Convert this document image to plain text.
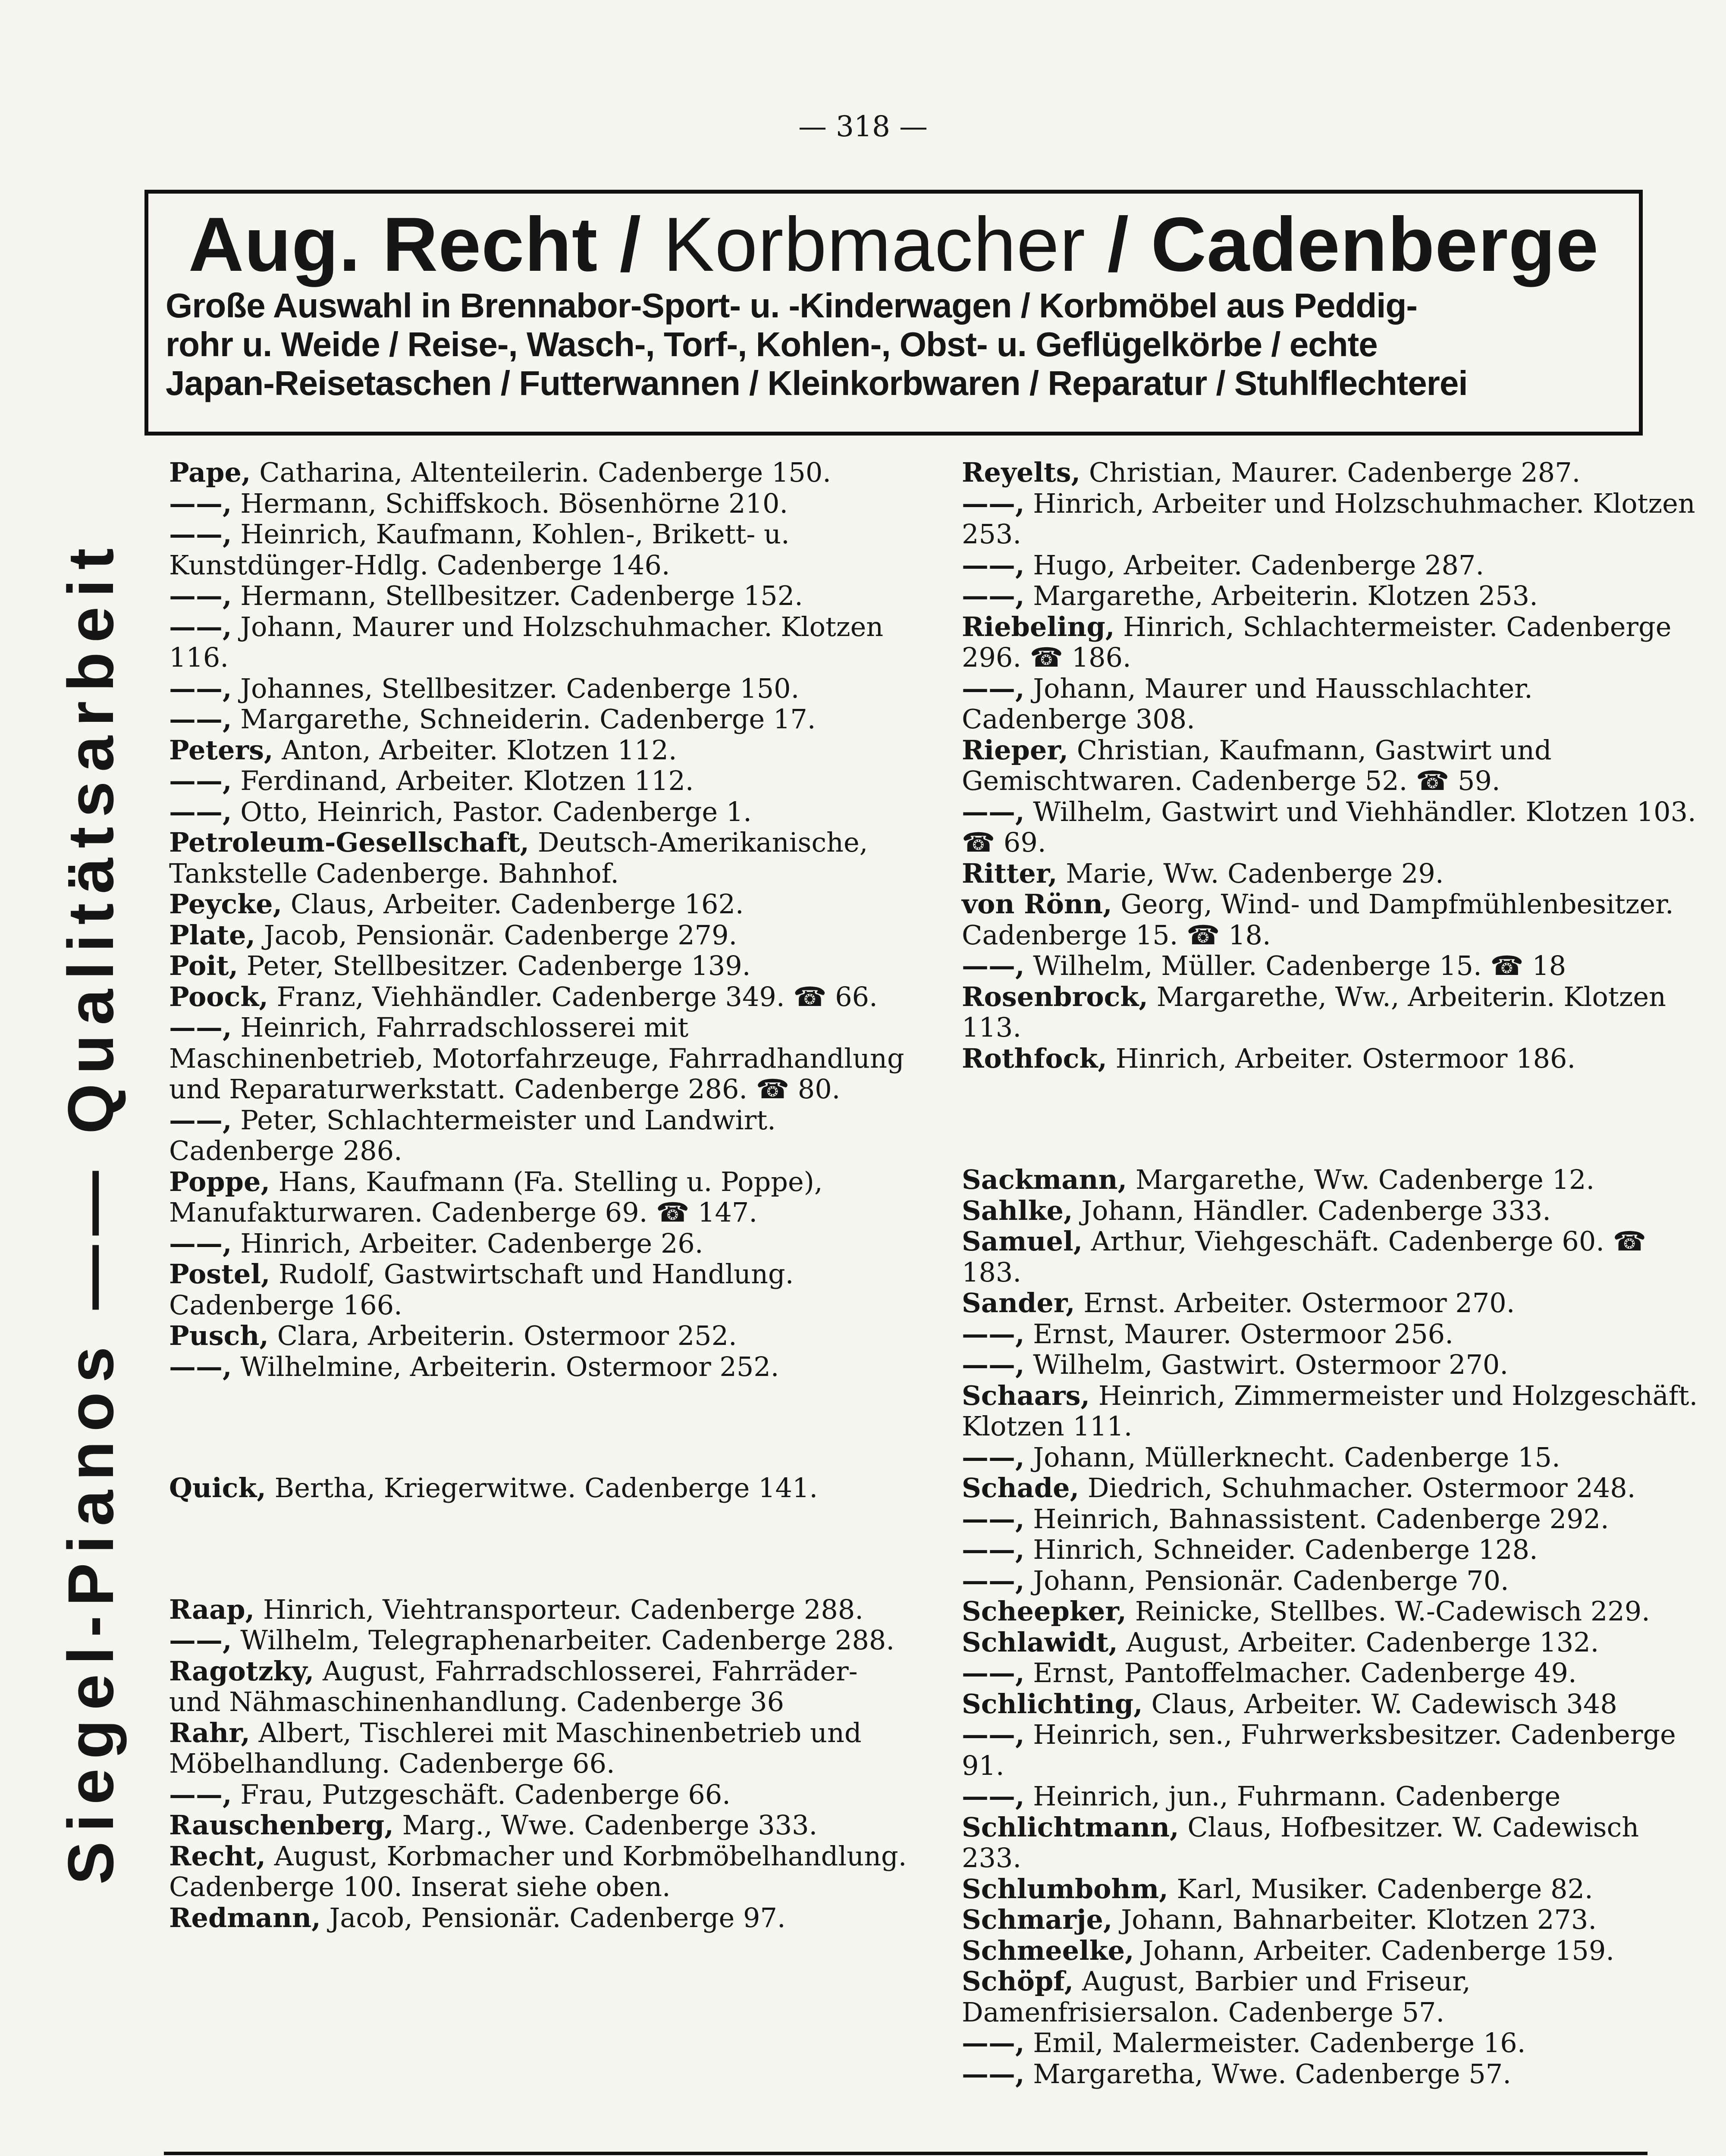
— 318 —
Aug. Recht / Korbmacher / Cadenberge
Große Auswahl in Brennabor-Sport- u. -Kinderwagen / Korbmöbel aus Peddig-
rohr u. Weide / Reise-, Wasch-, Torf-, Kohlen-, Obst- u. Geflügelkörbe / echte
Japan-Reisetaschen / Futterwannen / Kleinkorbwaren / Reparatur / Stuhlflechterei
Siegel-Pianos —— Qualitätsarbeit
Pape, Catharina, Altenteilerin. Cadenberge 150.
——, Hermann, Schiffskoch. Bösenhörne 210.
——, Heinrich, Kaufmann, Kohlen-, Brikett- u. Kunstdünger-Hdlg. Cadenberge 146.
——, Hermann, Stellbesitzer. Cadenberge 152.
——, Johann, Maurer und Holzschuhmacher. Klotzen 116.
——, Johannes, Stellbesitzer. Cadenberge 150.
——, Margarethe, Schneiderin. Cadenberge 17.
Peters, Anton, Arbeiter. Klotzen 112.
——, Ferdinand, Arbeiter. Klotzen 112.
——, Otto, Heinrich, Pastor. Cadenberge 1.
Petroleum-Gesellschaft, Deutsch-Amerikanische, Tankstelle Cadenberge. Bahnhof.
Peycke, Claus, Arbeiter. Cadenberge 162.
Plate, Jacob, Pensionär. Cadenberge 279.
Poit, Peter, Stellbesitzer. Cadenberge 139.
Poock, Franz, Viehhändler. Cadenberge 349. ☎ 66.
——, Heinrich, Fahrradschlosserei mit Maschinenbetrieb, Motorfahrzeuge, Fahrradhandlung und Reparaturwerkstatt. Cadenberge 286. ☎ 80.
——, Peter, Schlachtermeister und Landwirt. Cadenberge 286.
Poppe, Hans, Kaufmann (Fa. Stelling u. Poppe), Manufakturwaren. Cadenberge 69. ☎ 147.
——, Hinrich, Arbeiter. Cadenberge 26.
Postel, Rudolf, Gastwirtschaft und Handlung. Cadenberge 166.
Pusch, Clara, Arbeiterin. Ostermoor 252.
——, Wilhelmine, Arbeiterin. Ostermoor 252.
Quick, Bertha, Kriegerwitwe. Cadenberge 141.
Raap, Hinrich, Viehtransporteur. Cadenberge 288.
——, Wilhelm, Telegraphenarbeiter. Cadenberge 288.
Ragotzky, August, Fahrradschlosserei, Fahrräder- und Nähmaschinenhandlung. Cadenberge 36
Rahr, Albert, Tischlerei mit Maschinenbetrieb und Möbelhandlung. Cadenberge 66.
——, Frau, Putzgeschäft. Cadenberge 66.
Rauschenberg, Marg., Wwe. Cadenberge 333.
Recht, August, Korbmacher und Korbmöbelhandlung. Cadenberge 100. Inserat siehe oben.
Redmann, Jacob, Pensionär. Cadenberge 97.
Reyelts, Christian, Maurer. Cadenberge 287.
——, Hinrich, Arbeiter und Holzschuhmacher. Klotzen 253.
——, Hugo, Arbeiter. Cadenberge 287.
——, Margarethe, Arbeiterin. Klotzen 253.
Riebeling, Hinrich, Schlachtermeister. Cadenberge 296. ☎ 186.
——, Johann, Maurer und Hausschlachter. Cadenberge 308.
Rieper, Christian, Kaufmann, Gastwirt und Gemischtwaren. Cadenberge 52. ☎ 59.
——, Wilhelm, Gastwirt und Viehhändler. Klotzen 103. ☎ 69.
Ritter, Marie, Ww. Cadenberge 29.
von Rönn, Georg, Wind- und Dampfmühlenbesitzer. Cadenberge 15. ☎ 18.
——, Wilhelm, Müller. Cadenberge 15. ☎ 18
Rosenbrock, Margarethe, Ww., Arbeiterin. Klotzen 113.
Rothfock, Hinrich, Arbeiter. Ostermoor 186.
Sackmann, Margarethe, Ww. Cadenberge 12.
Sahlke, Johann, Händler. Cadenberge 333.
Samuel, Arthur, Viehgeschäft. Cadenberge 60. ☎ 183.
Sander, Ernst. Arbeiter. Ostermoor 270.
——, Ernst, Maurer. Ostermoor 256.
——, Wilhelm, Gastwirt. Ostermoor 270.
Schaars, Heinrich, Zimmermeister und Holzgeschäft. Klotzen 111.
——, Johann, Müllerknecht. Cadenberge 15.
Schade, Diedrich, Schuhmacher. Ostermoor 248.
——, Heinrich, Bahnassistent. Cadenberge 292.
——, Hinrich, Schneider. Cadenberge 128.
——, Johann, Pensionär. Cadenberge 70.
Scheepker, Reinicke, Stellbes. W.-Cadewisch 229.
Schlawidt, August, Arbeiter. Cadenberge 132.
——, Ernst, Pantoffelmacher. Cadenberge 49.
Schlichting, Claus, Arbeiter. W. Cadewisch 348
——, Heinrich, sen., Fuhrwerksbesitzer. Cadenberge 91.
——, Heinrich, jun., Fuhrmann. Cadenberge
Schlichtmann, Claus, Hofbesitzer. W. Cadewisch 233.
Schlumbohm, Karl, Musiker. Cadenberge 82.
Schmarje, Johann, Bahnarbeiter. Klotzen 273.
Schmeelke, Johann, Arbeiter. Cadenberge 159.
Schöpf, August, Barbier und Friseur, Damenfrisiersalon. Cadenberge 57.
——, Emil, Malermeister. Cadenberge 16.
——, Margaretha, Wwe. Cadenberge 57.
